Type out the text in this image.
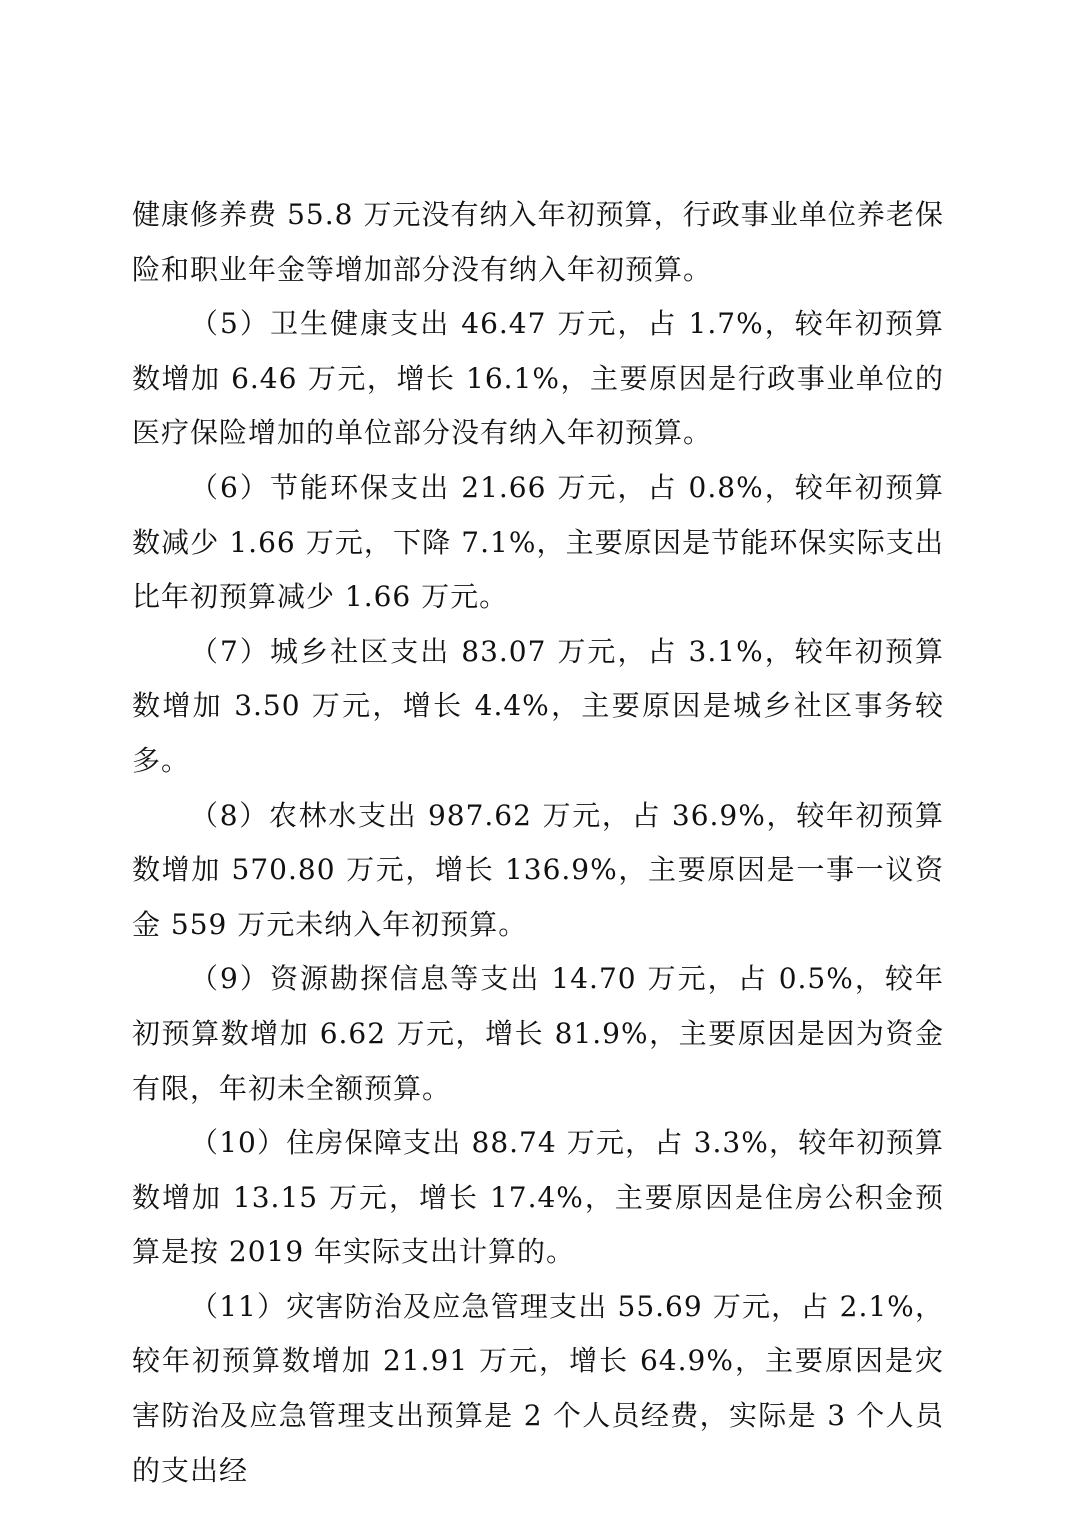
健康修养费 55.8 万元没有纳入年初预算，行政事业单位养老保险和职业年金等增加部分没有纳入年初预算。

（5）卫生健康支出 46.47 万元，占 1.7%，较年初预算数增加 6.46 万元，增长 16.1%，主要原因是行政事业单位的医疗保险增加的单位部分没有纳入年初预算。

（6）节能环保支出 21.66 万元，占 0.8%，较年初预算数减少 1.66 万元，下降 7.1%，主要原因是节能环保实际支出比年初预算减少 1.66 万元。

（7）城乡社区支出 83.07 万元，占 3.1%，较年初预算数增加 3.50 万元，增长 4.4%，主要原因是城乡社区事务较多。

（8）农林水支出 987.62 万元，占 36.9%，较年初预算数增加 570.80 万元，增长 136.9%，主要原因是一事一议资金 559 万元未纳入年初预算。

（9）资源勘探信息等支出 14.70 万元，占 0.5%，较年初预算数增加 6.62 万元，增长 81.9%，主要原因是因为资金有限，年初未全额预算。

（10）住房保障支出 88.74 万元，占 3.3%，较年初预算数增加 13.15 万元，增长 17.4%，主要原因是住房公积金预算是按 2019 年实际支出计算的。

（11）灾害防治及应急管理支出 55.69 万元，占 2.1%，较年初预算数增加 21.91 万元，增长 64.9%，主要原因是灾害防治及应急管理支出预算是 2 个人员经费，实际是 3 个人员的支出经
